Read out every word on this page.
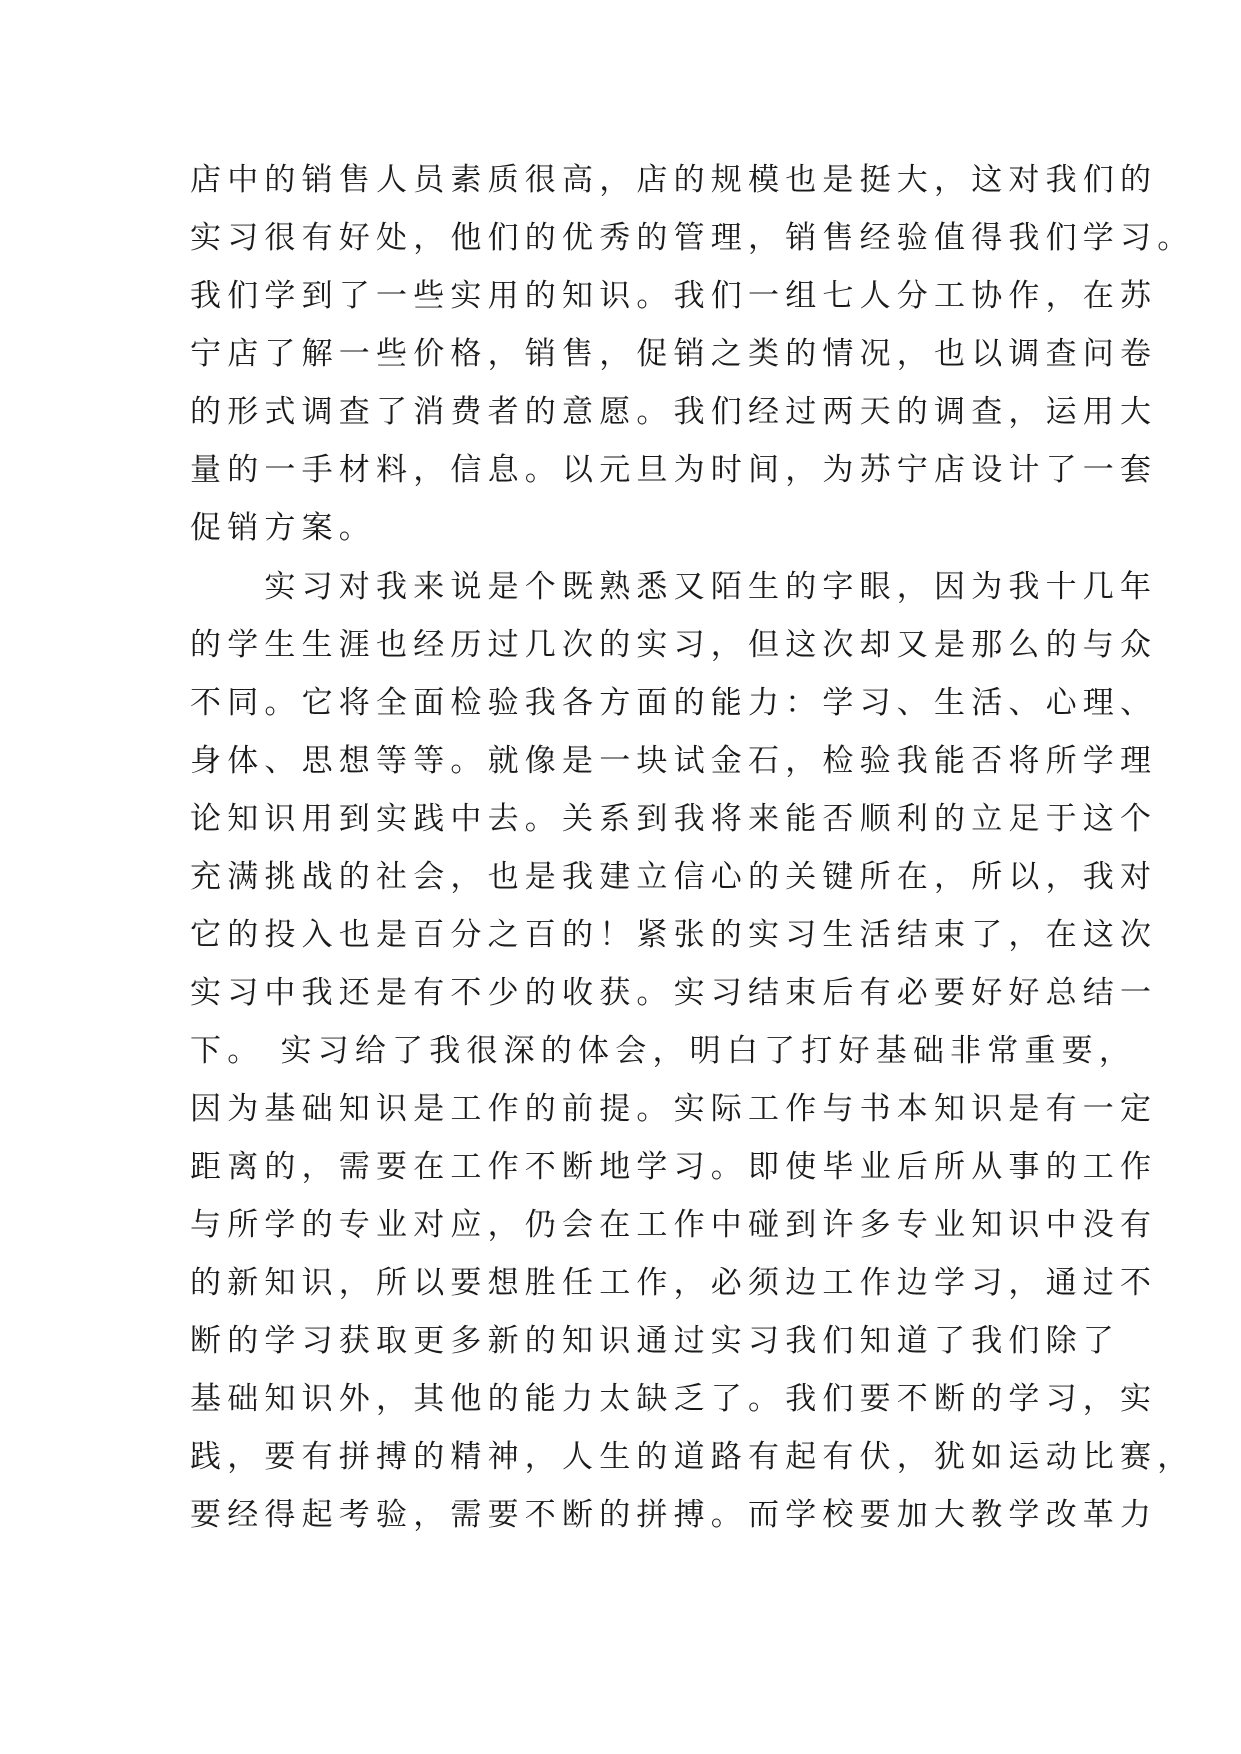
店中的销售人员素质很高，店的规模也是挺大，这对我们的
实习很有好处，他们的优秀的管理，销售经验值得我们学习。
我们学到了一些实用的知识。我们一组七人分工协作，在苏
宁店了解一些价格，销售，促销之类的情况，也以调查问卷
的形式调查了消费者的意愿。我们经过两天的调查，运用大
量的一手材料，信息。以元旦为时间，为苏宁店设计了一套
促销方案。
　　实习对我来说是个既熟悉又陌生的字眼，因为我十几年
的学生生涯也经历过几次的实习，但这次却又是那么的与众
不同。它将全面检验我各方面的能力：学习、生活、心理、
身体、思想等等。就像是一块试金石，检验我能否将所学理
论知识用到实践中去。关系到我将来能否顺利的立足于这个
充满挑战的社会，也是我建立信心的关键所在，所以，我对
它的投入也是百分之百的！紧张的实习生活结束了，在这次
实习中我还是有不少的收获。实习结束后有必要好好总结一
下。 实习给了我很深的体会，明白了打好基础非常重要，
因为基础知识是工作的前提。实际工作与书本知识是有一定
距离的，需要在工作不断地学习。即使毕业后所从事的工作
与所学的专业对应，仍会在工作中碰到许多专业知识中没有
的新知识，所以要想胜任工作，必须边工作边学习，通过不
断的学习获取更多新的知识通过实习我们知道了我们除了
基础知识外，其他的能力太缺乏了。我们要不断的学习，实
践，要有拼搏的精神，人生的道路有起有伏，犹如运动比赛，
要经得起考验，需要不断的拼搏。而学校要加大教学改革力
